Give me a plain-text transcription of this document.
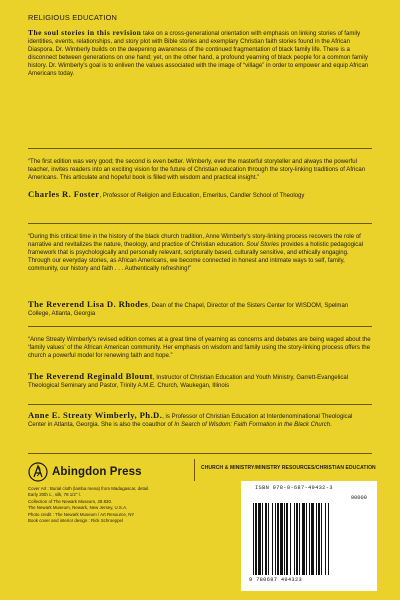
RELIGIOUS EDUCATION
The soul stories in this revision take on a cross-generational orientation with emphasis on linking stories of family identities, events, relationships, and story plot with Bible stories and exemplary Christian faith stories found in the African Diaspora. Dr. Wimberly builds on the deepening awareness of the continued fragmentation of black family life. There is a disconnect between generations on one hand; yet, on the other hand, a profound yearning of black people for a common family history. Dr. Wimberly's goal is to enliven the values associated with the image of “village” in order to empower and equip African Americans today.
“The first edition was very good; the second is even better. Wimberly, ever the masterful storyteller and always the powerful teacher, invites readers into an exciting vision for the future of Christian education through the story-linking traditions of African Americans. This articulate and hopeful book is filled with wisdom and practical insight.”
Charles R. Foster, Professor of Religion and Education, Emeritus, Candler School of Theology
“During this critical time in the history of the black church tradition, Anne Wimberly's story-linking process recovers the role of narrative and revitalizes the nature, theology, and practice of Christian education. Soul Stories provides a holistic pedagogical framework that is psychologically and personally relevant, scripturally based, culturally sensitive, and ethically engaging. Through our everyday stories, as African Americans, we become connected in honest and intimate ways to self, family, community, our history and faith . . . Authentically refreshing!”
The Reverend Lisa D. Rhodes, Dean of the Chapel, Director of the Sisters Center for WISDOM, Spelman College, Atlanta, Georgia
“Anne Streaty Wimberly's revised edition comes at a great time of yearning as concerns and debates are being waged about the ‘family values’ of the African American community. Her emphasis on wisdom and family using the story-linking process offers the church a powerful model for renewing faith and hope.”
The Reverend Reginald Blount, Instructor of Christian Education and Youth Ministry, Garrett-Evangelical Theological Seminary and Pastor, Trinity A.M.E. Church, Waukegan, Illinois
Anne E. Streaty Wimberly, Ph.D., is Professor of Christian Education at Interdenominational Theological Center in Atlanta, Georgia. She is also the coauthor of In Search of Wisdom: Faith Formation in the Black Church.
Abingdon Press	CHURCH & MINISTRY/MINISTRY RESOURCES/CHRISTIAN EDUCATION
Cover Art : Burial cloth (lamba mena) from Madagascar, detail.
Early 20th c., silk, 78 1/2" l.
Collection of The Newark Museum, 28.830.
The Newark Museum, Newark, New Jersey, U.S.A.
Photo credit : The Newark Museum / Art Resource, NY
Book cover and interior design : Rick Schroeppel
ISBN 978-0-687-49432-3
90000
9 780687 494323
